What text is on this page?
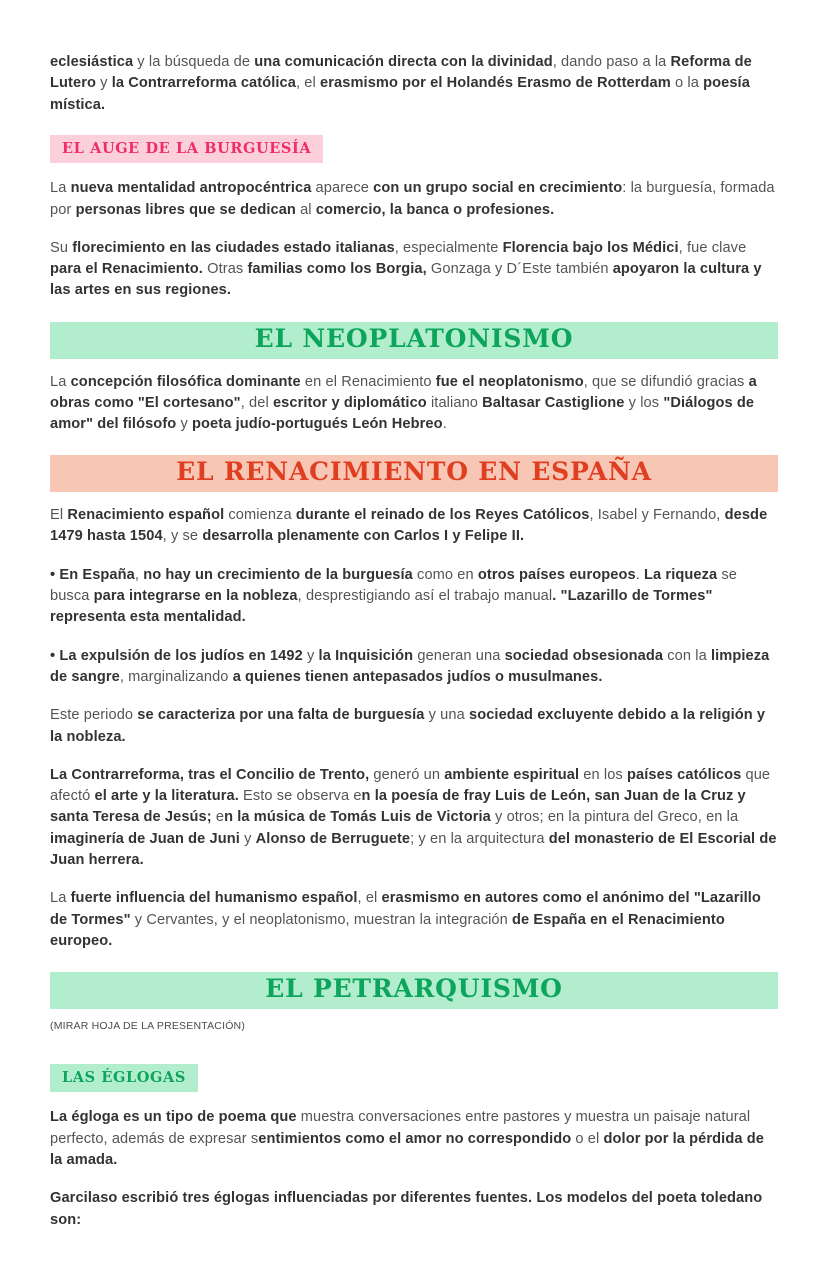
eclesiástica y la búsqueda de una comunicación directa con la divinidad, dando paso a la Reforma de Lutero y la Contrarreforma católica, el erasmismo por el Holandés Erasmo de Rotterdam o la poesía mística.

EL AUGE DE LA BURGUESÍA

La nueva mentalidad antropocéntrica aparece con un grupo social en crecimiento: la burguesía, formada por personas libres que se dedican al comercio, la banca o profesiones.

Su florecimiento en las ciudades estado italianas, especialmente Florencia bajo los Médici, fue clave para el Renacimiento. Otras familias como los Borgia, Gonzaga y D´Este también apoyaron la cultura y las artes en sus regiones.

EL NEOPLATONISMO

La concepción filosófica dominante en el Renacimiento fue el neoplatonismo, que se difundió gracias a obras como "El cortesano", del escritor y diplomático italiano Baltasar Castiglione y los "Diálogos de amor" del filósofo y poeta judío-portugués León Hebreo.

EL RENACIMIENTO EN ESPAÑA

El Renacimiento español comienza durante el reinado de los Reyes Católicos, Isabel y Fernando, desde 1479 hasta 1504, y se desarrolla plenamente con Carlos I y Felipe II.

• En España, no hay un crecimiento de la burguesía como en otros países europeos. La riqueza se busca para integrarse en la nobleza, desprestigiando así el trabajo manual. "Lazarillo de Tormes" representa esta mentalidad.

• La expulsión de los judíos en 1492 y la Inquisición generan una sociedad obsesionada con la limpieza de sangre, marginalizando a quienes tienen antepasados judíos o musulmanes.

Este periodo se caracteriza por una falta de burguesía y una sociedad excluyente debido a la religión y la nobleza.

La Contrarreforma, tras el Concilio de Trento, generó un ambiente espiritual en los países católicos que afectó el arte y la literatura. Esto se observa en la poesía de fray Luis de León, san Juan de la Cruz y santa Teresa de Jesús; en la música de Tomás Luis de Victoria y otros; en la pintura del Greco, en la imaginería de Juan de Juni y Alonso de Berruguete; y en la arquitectura del monasterio de El Escorial de Juan herrera.

La fuerte influencia del humanismo español, el erasmismo en autores como el anónimo del "Lazarillo de Tormes" y Cervantes, y el neoplatonismo, muestran la integración de España en el Renacimiento europeo.

EL PETRARQUISMO

(MIRAR HOJA DE LA PRESENTACIÓN)

LAS ÉGLOGAS

La égloga es un tipo de poema que muestra conversaciones entre pastores y muestra un paisaje natural perfecto, además de expresar sentimientos como el amor no correspondido o el dolor por la pérdida de la amada.

Garcilaso escribió tres églogas influenciadas por diferentes fuentes. Los modelos del poeta toledano son:
